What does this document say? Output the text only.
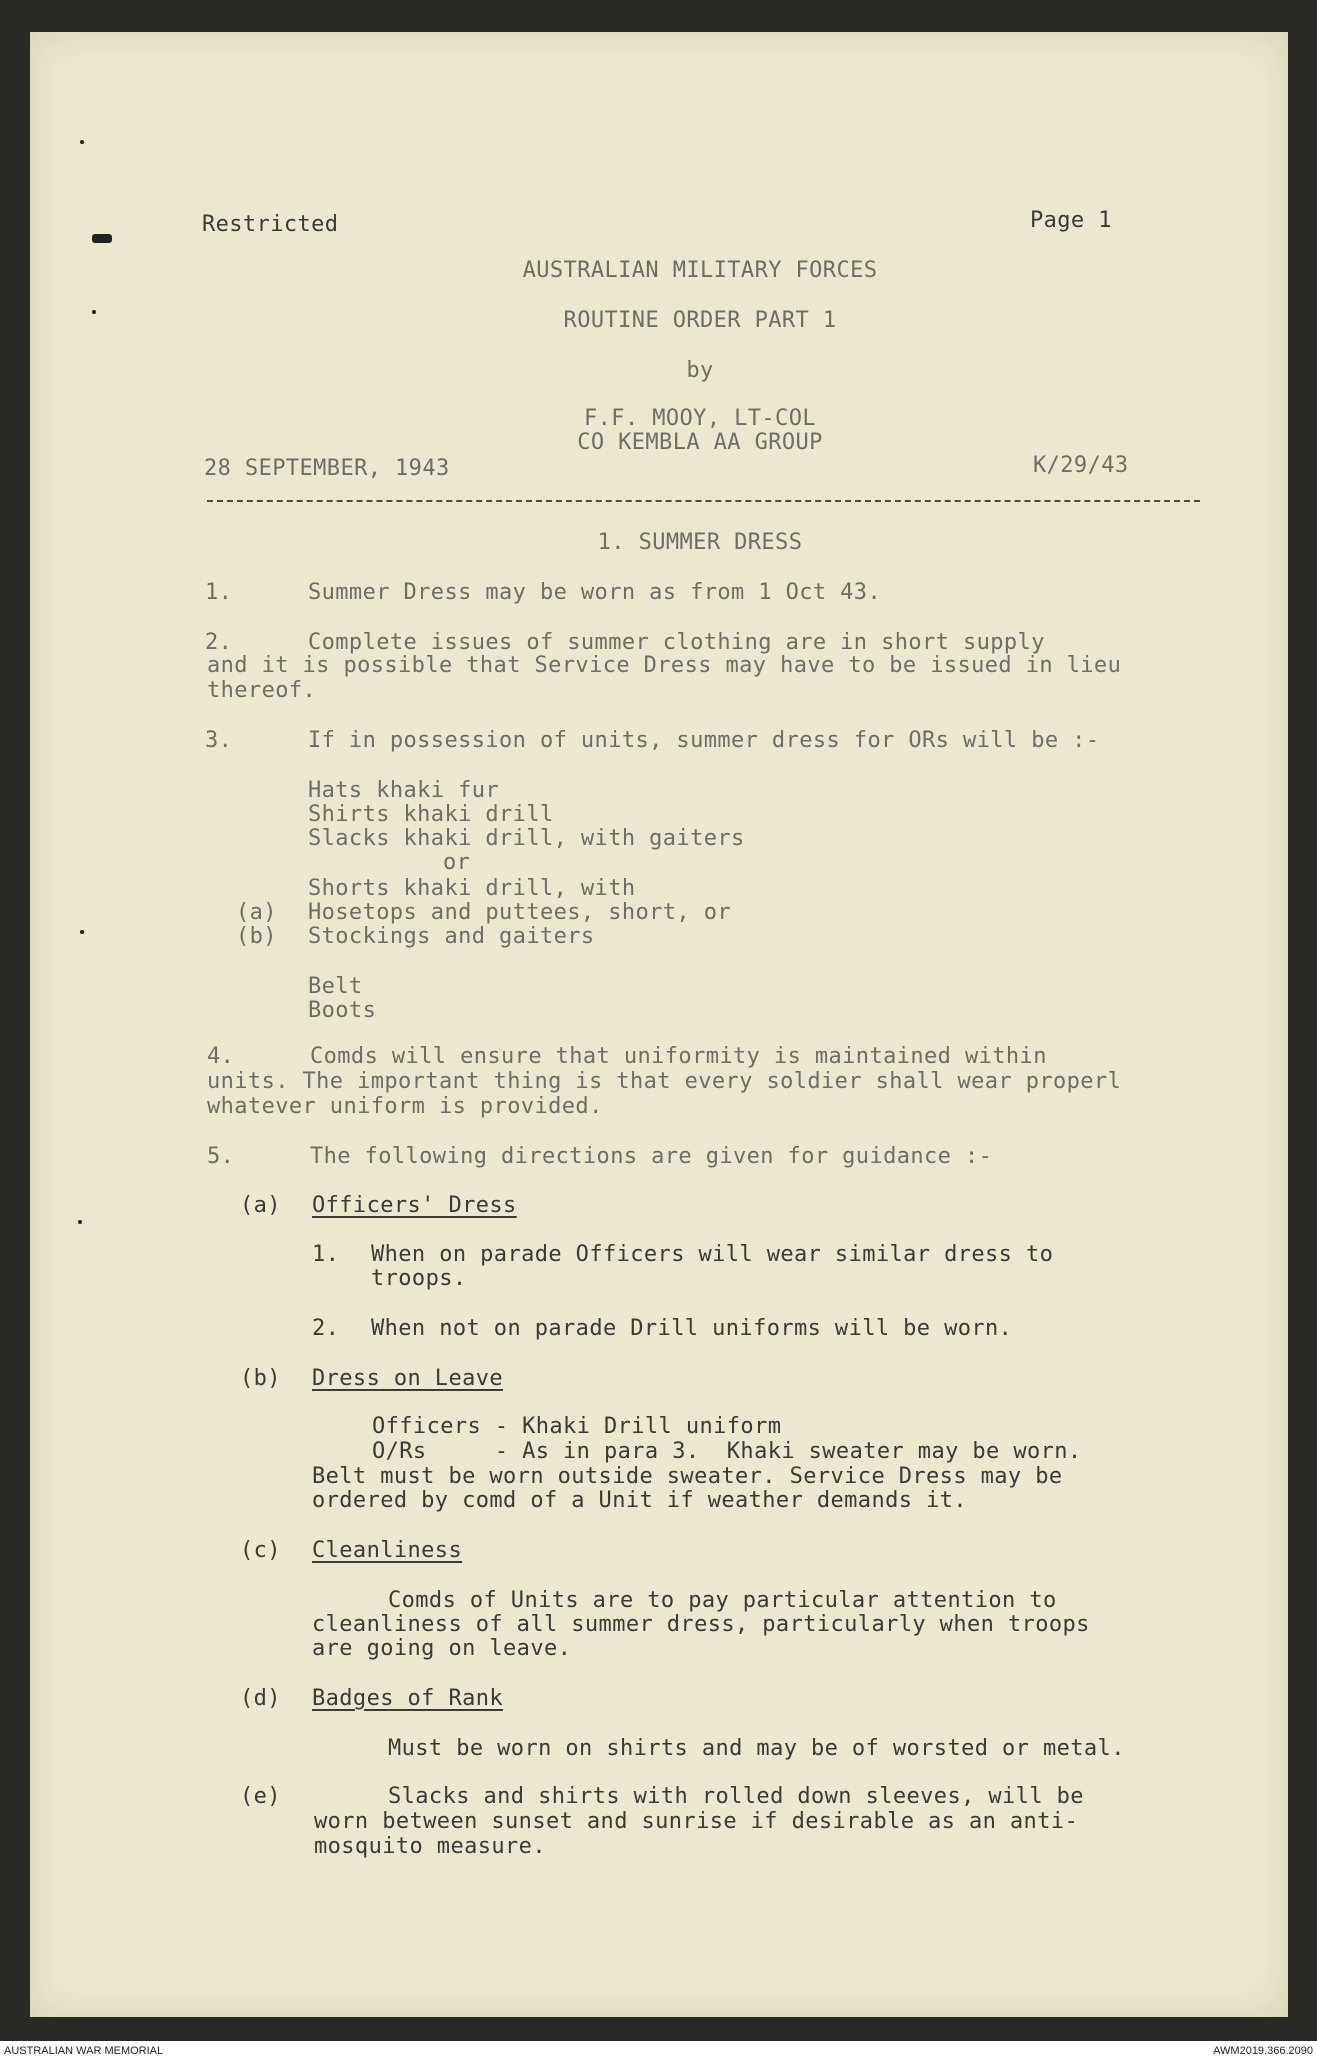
Restricted	Page 1
AUSTRALIAN MILITARY FORCES
ROUTINE ORDER PART 1
by
F.F. MOOY, LT-COL
CO KEMBLA AA GROUP
28 SEPTEMBER, 1943	K/29/43
1. SUMMER DRESS
1.	Summer Dress may be worn as from 1 Oct 43.
2.	Complete issues of summer clothing are in short supply
and it is possible that Service Dress may have to be issued in lieu
thereof.
3.	If in possession of units, summer dress for ORs will be :-
Hats khaki fur
Shirts khaki drill
Slacks khaki drill, with gaiters
or
Shorts khaki drill, with
(a) Hosetops and puttees, short, or
(b) Stockings and gaiters
Belt
Boots
4.	Comds will ensure that uniformity is maintained within
units. The important thing is that every soldier shall wear properl
whatever uniform is provided.
5.	The following directions are given for guidance :-
(a) Officers' Dress
1. When on parade Officers will wear similar dress to
troops.
2. When not on parade Drill uniforms will be worn.
(b) Dress on Leave
Officers - Khaki Drill uniform
O/Rs     - As in para 3.  Khaki sweater may be worn.
Belt must be worn outside sweater. Service Dress may be
ordered by comd of a Unit if weather demands it.
(c) Cleanliness
Comds of Units are to pay particular attention to
cleanliness of all summer dress, particularly when troops
are going on leave.
(d) Badges of Rank
Must be worn on shirts and may be of worsted or metal.
(e)	Slacks and shirts with rolled down sleeves, will be
worn between sunset and sunrise if desirable as an anti-
mosquito measure.
AUSTRALIAN WAR MEMORIAL	AWM2019.366.2090
